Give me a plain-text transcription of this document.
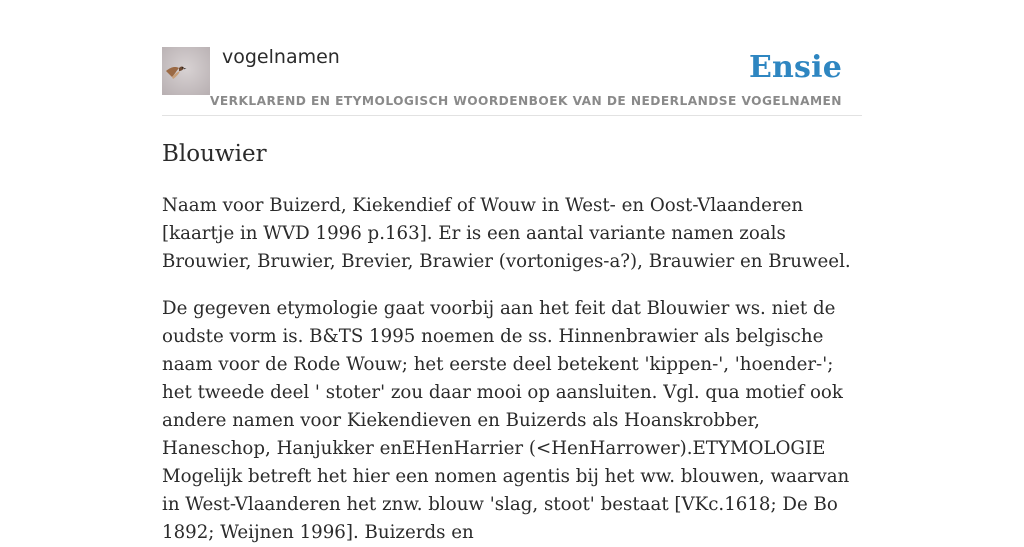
vogelnamen	Ensie
VERKLAREND EN ETYMOLOGISCH WOORDENBOEK VAN DE NEDERLANDSE VOGELNAMEN
Blouwier

Naam voor Buizerd, Kiekendief of Wouw in West- en Oost-Vlaanderen [kaartje in WVD 1996 p.163]. Er is een aantal variante namen zoals Brouwier, Bruwier, Brevier, Brawier (vortoniges-a?), Brauwier en Bruweel.

De gegeven etymologie gaat voorbij aan het feit dat Blouwier ws. niet de oudste vorm is. B&TS 1995 noemen de ss. Hinnenbrawier als belgische naam voor de Rode Wouw; het eerste deel betekent 'kippen-', 'hoender-'; het tweede deel ' stoter' zou daar mooi op aansluiten. Vgl. qua motief ook andere namen voor Kiekendieven en Buizerds als Hoanskrobber, Haneschop, Hanjukker enEHenHarrier (<HenHarrower).ETYMOLOGIE Mogelijk betreft het hier een nomen agentis bij het ww. blouwen, waarvan in West-Vlaanderen het znw. blouw 'slag, stoot' bestaat [VKc.1618; De Bo 1892; Weijnen 1996]. Buizerds en
